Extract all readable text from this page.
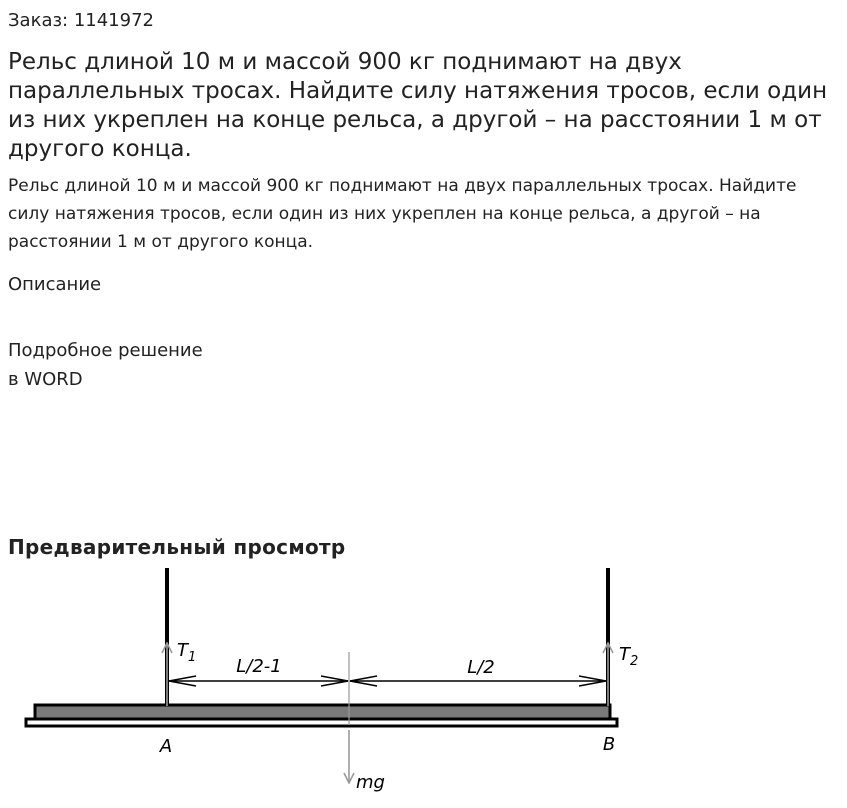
Заказ: 1141972
Рельс длиной 10 м и массой 900 кг поднимают на двух параллельных тросах. Найдите силу натяжения тросов, если один из них укреплен на конце рельса, а другой – на расстоянии 1 м от другого конца.

Рельс длиной 10 м и массой 900 кг поднимают на двух параллельных тросах. Найдите силу натяжения тросов, если один из них укреплен на конце рельса, а другой – на расстоянии 1 м от другого конца.

Описание
Подробное решение
в WORD
Предварительный просмотр
$T_1$	$T_2$
L/2-1	L/2
A	B
mg
